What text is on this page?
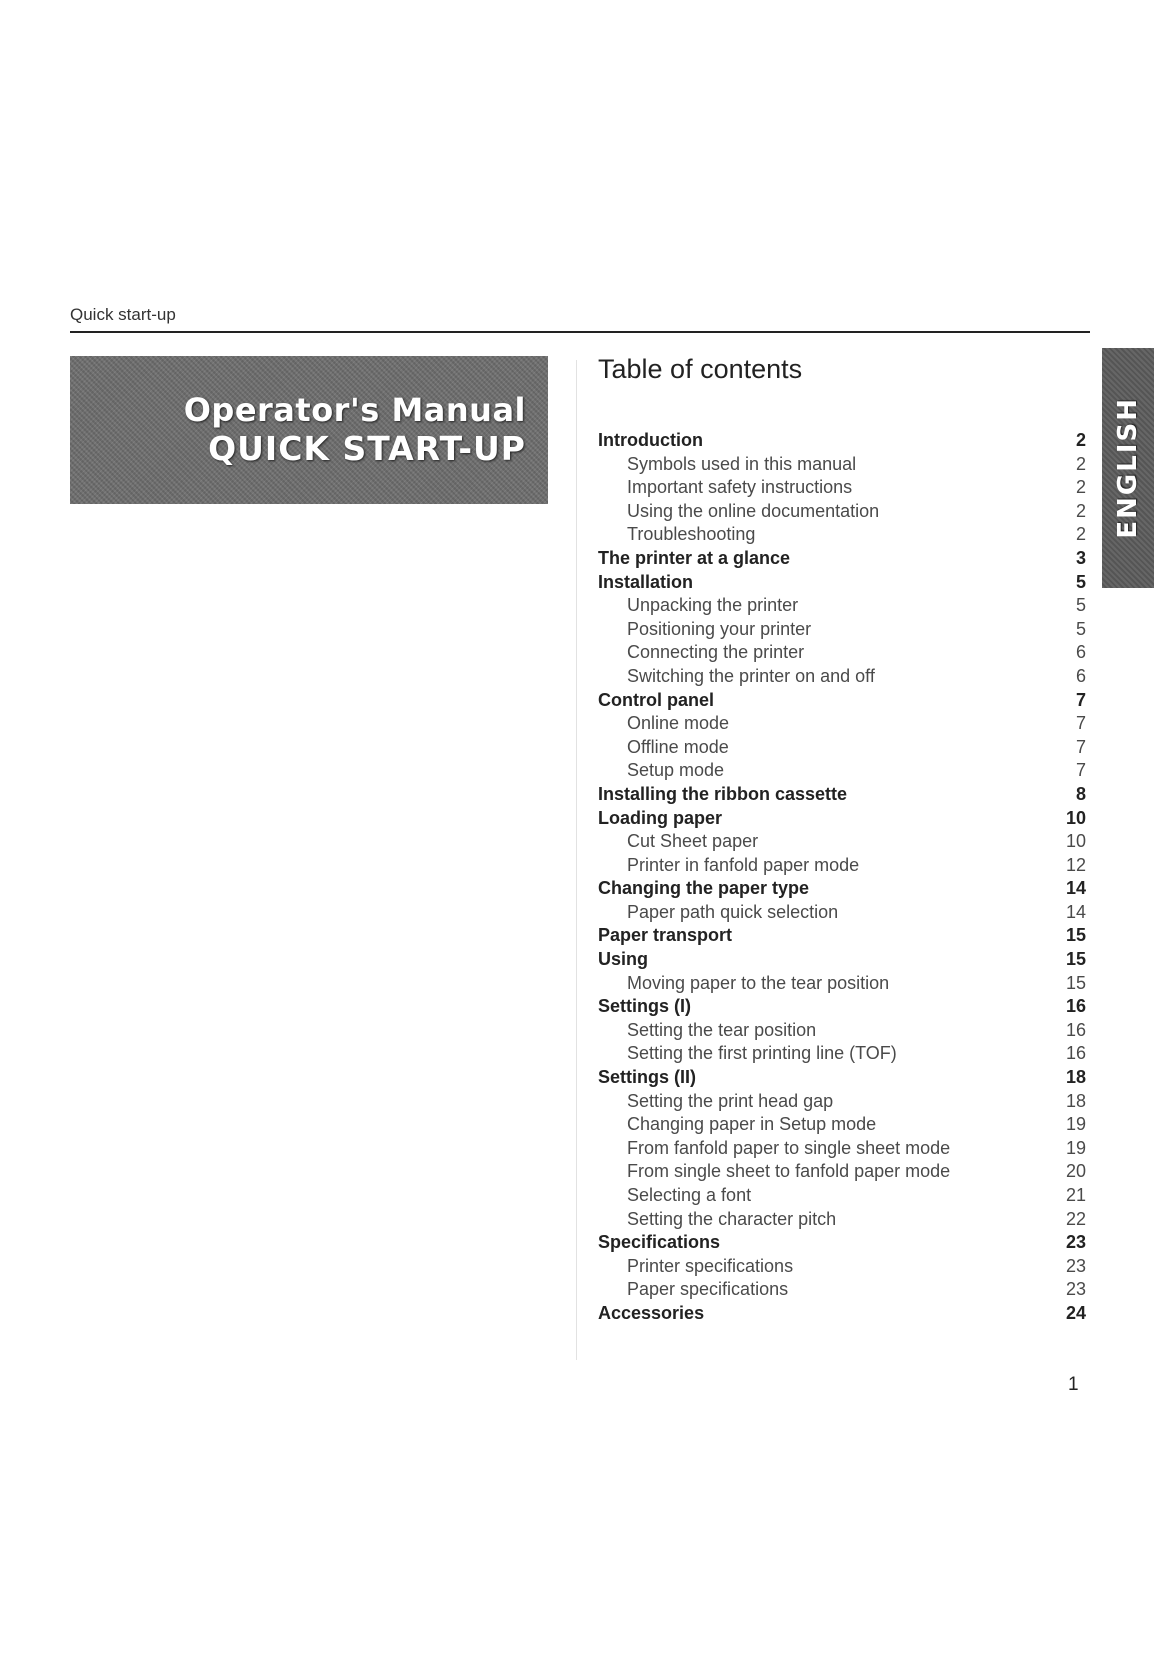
Quick start-up
Operator's Manual
QUICK START-UP
Table of contents
Introduction	2
Symbols used in this manual	2
Important safety instructions	2
Using the online documentation	2
Troubleshooting	2
The printer at a glance	3
Installation	5
Unpacking the printer	5
Positioning your printer	5
Connecting the printer	6
Switching the printer on and off	6
Control panel	7
Online mode	7
Offline mode	7
Setup mode	7
Installing the ribbon cassette	8
Loading paper	10
Cut Sheet paper	10
Printer in fanfold paper mode	12
Changing the paper type	14
Paper path quick selection	14
Paper transport	15
Using	15
Moving paper to the tear position	15
Settings (I)	16
Setting the tear position	16
Setting the first printing line (TOF)	16
Settings (II)	18
Setting the print head gap	18
Changing paper in Setup mode	19
From fanfold paper to single sheet mode	19
From single sheet to fanfold paper mode	20
Selecting a font	21
Setting the character pitch	22
Specifications	23
Printer specifications	23
Paper specifications	23
Accessories	24
ENGLISH
1
